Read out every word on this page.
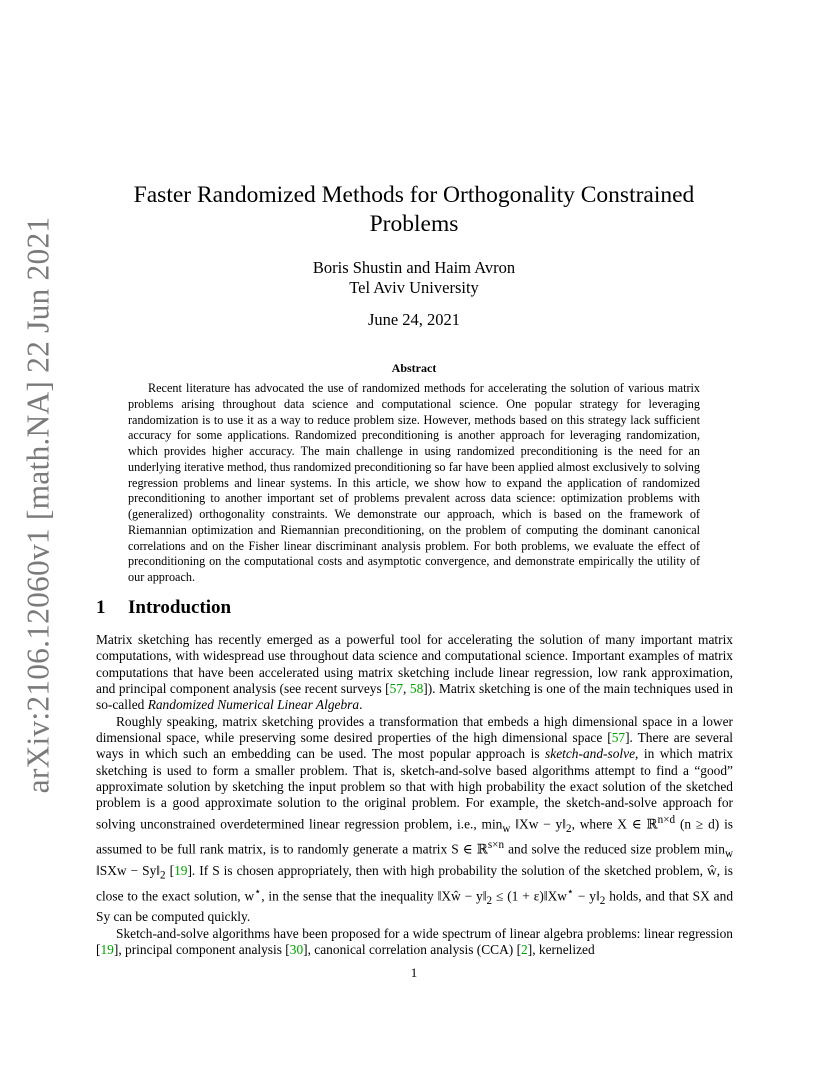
arXiv:2106.12060v1 [math.NA] 22 Jun 2021
Faster Randomized Methods for Orthogonality Constrained Problems

Boris Shustin and Haim Avron

Tel Aviv University

June 24, 2021

Abstract

Recent literature has advocated the use of randomized methods for accelerating the solution of various matrix problems arising throughout data science and computational science. One popular strategy for leveraging randomization is to use it as a way to reduce problem size. However, methods based on this strategy lack sufficient accuracy for some applications. Randomized preconditioning is another approach for leveraging randomization, which provides higher accuracy. The main challenge in using randomized preconditioning is the need for an underlying iterative method, thus randomized preconditioning so far have been applied almost exclusively to solving regression problems and linear systems. In this article, we show how to expand the application of randomized preconditioning to another important set of problems prevalent across data science: optimization problems with (generalized) orthogonality constraints. We demonstrate our approach, which is based on the framework of Riemannian optimization and Riemannian preconditioning, on the problem of computing the dominant canonical correlations and on the Fisher linear discriminant analysis problem. For both problems, we evaluate the effect of preconditioning on the computational costs and asymptotic convergence, and demonstrate empirically the utility of our approach.

1 Introduction

Matrix sketching has recently emerged as a powerful tool for accelerating the solution of many important matrix computations, with widespread use throughout data science and computational science. Important examples of matrix computations that have been accelerated using matrix sketching include linear regression, low rank approximation, and principal component analysis (see recent surveys [57, 58]). Matrix sketching is one of the main techniques used in so-called Randomized Numerical Linear Algebra.

Roughly speaking, matrix sketching provides a transformation that embeds a high dimensional space in a lower dimensional space, while preserving some desired properties of the high dimensional space [57]. There are several ways in which such an embedding can be used. The most popular approach is sketch-and-solve, in which matrix sketching is used to form a smaller problem. That is, sketch-and-solve based algorithms attempt to find a “good” approximate solution by sketching the input problem so that with high probability the exact solution of the sketched problem is a good approximate solution to the original problem. For example, the sketch-and-solve approach for solving unconstrained overdetermined linear regression problem, i.e., $\min_w$ ‖Xw − $y‖_2$, where X ∈ ℝ$^{n\times d}$ (n ≥ d) is assumed to be full rank matrix, is to randomly generate a matrix S ∈ ℝ$^{s\times n}$ and solve the reduced size problem $\min_w$ ‖SXw − $Sy‖_2$ [19]. If S is chosen appropriately, then with high probability the solution of the sketched problem, ŵ, is close to the exact solution, w⋆, in the sense that the inequality ‖Xŵ − $y‖_2 \le (1$ + ε)‖Xw⋆ − $y‖_2$ holds, and that SX and Sy can be computed quickly.

Sketch-and-solve algorithms have been proposed for a wide spectrum of linear algebra problems: linear regression [19], principal component analysis [30], canonical correlation analysis (CCA) [2], kernelized

1
